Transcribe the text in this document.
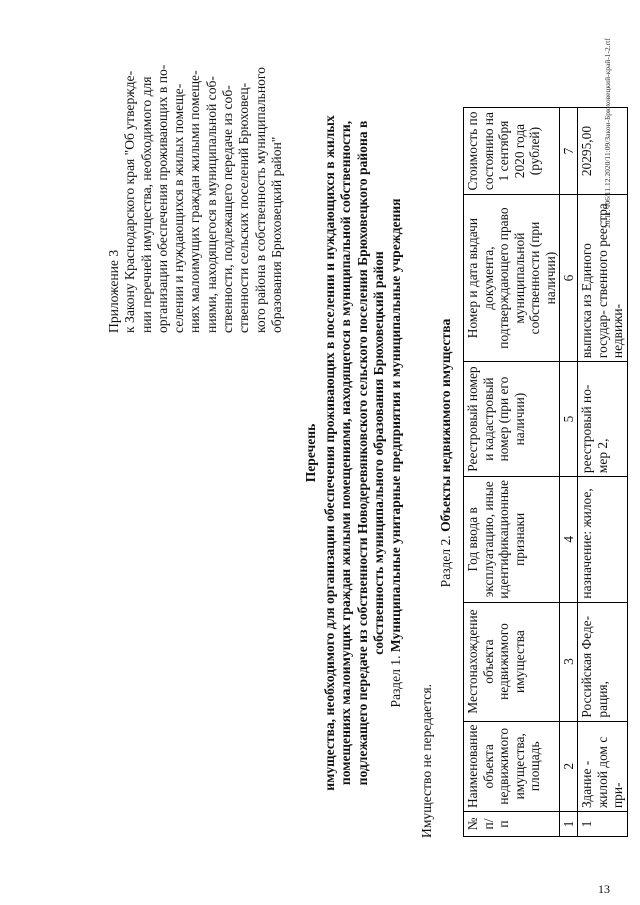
Приложение 3 к Закону Краснодарского края "Об утвержде- нии перечней имущества, необходимого для организации обеспечения проживающих в по- селении и нуждающихся в жилых помеще- ниях малоимущих граждан жилыми помеще- ниями, находящегося в муниципальной соб- ственности, подлежащего передаче из соб- ственности сельских поселений Брюховец- кого района в собственность муниципального образования Брюховецкий район"
Перечень имущества, необходимого для организации обеспечения проживающих в поселении и нуждающихся в жилых помещениях малоимущих граждан жилыми помещениями, находящегося в муниципальной собственности, подлежащего передаче из собственности Новодеревянковского сельского поселения Брюховецкого района в собственность муниципального образования Брюховецкий район
Раздел 1. Муниципальные унитарные предприятия и муниципальные учреждения
Имущество не передается.
Раздел 2. Объекты недвижимого имущества
№ п/п	Наименование объекта недвижимого имущества, площадь	Местонахождение объекта недвижимого имущества	Год ввода в эксплуатацию, иные идентификационные признаки	Реестровый номер и кадастровый номер (при его наличии)	Номер и дата выдачи документа, подтверждающего право муниципальной собственности (при наличии)	Стоимость по состоянию на 1 сентября 2020 года (рублей)
1	2	3	4	5	6	7
1	Здание - жилой дом с при-	Российская Феде- рация,	назначение: жилое,	реестровый но- мер 2,	выписка из Единого государ- ственного реестра недвижи-	20295,00 20.11.Ч06/11.12.2020/11:09/Закон-Брюховецкий-край-1-2.rtf
13
